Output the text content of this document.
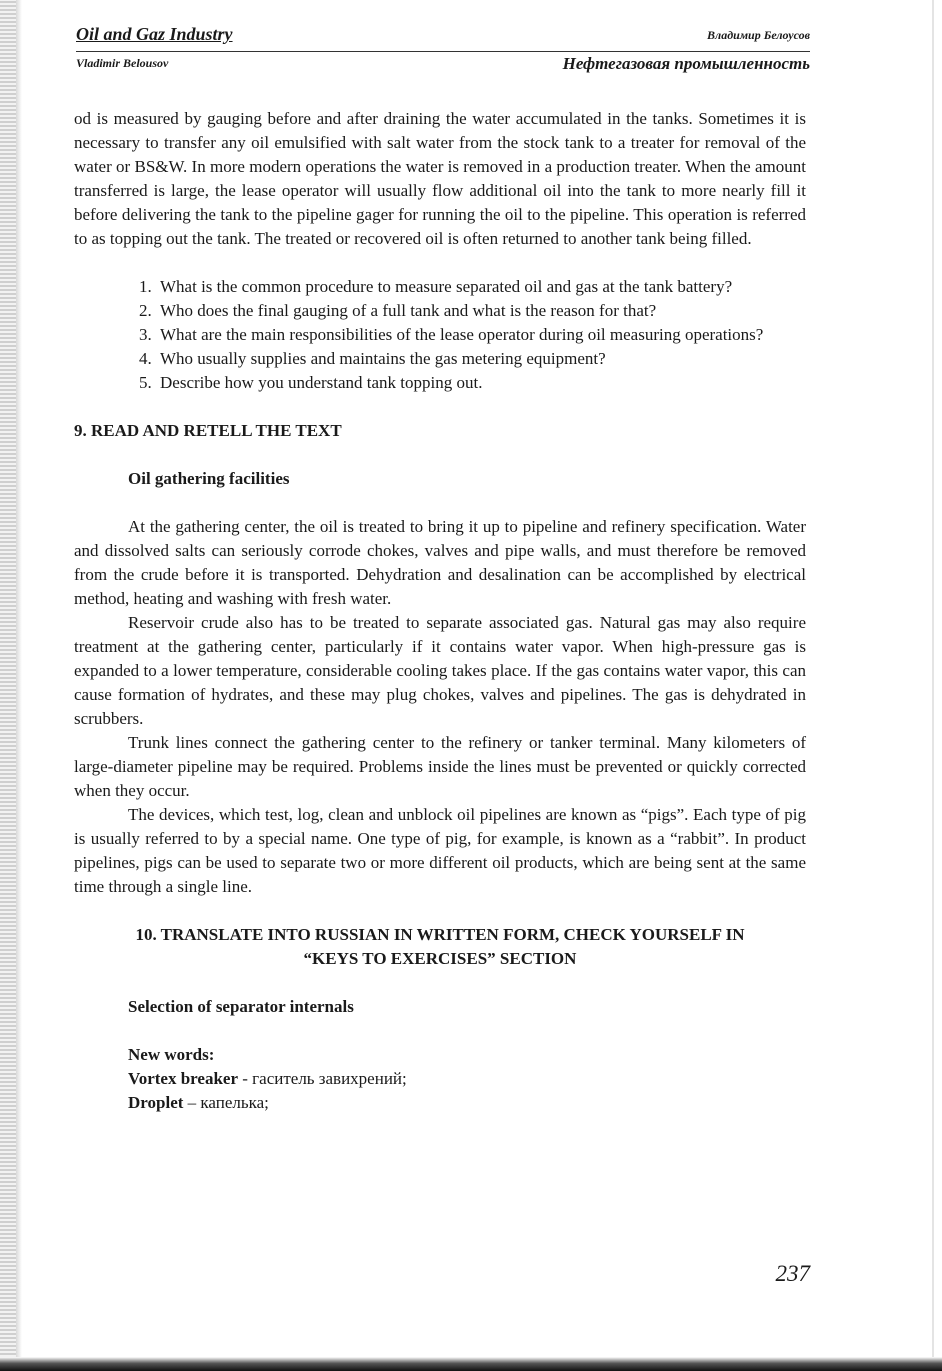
Oil and Gaz Industry	Владимир Белоусов
Vladimir Belousov	Нефтегазовая промышленность

od is measured by gauging before and after draining the water accumulated in the tanks. Sometimes it is necessary to transfer any oil emulsified with salt water from the stock tank to a treater for removal of the water or BS&W. In more modern operations the water is removed in a production treater. When the amount transferred is large, the lease operator will usually flow additional oil into the tank to more nearly fill it before delivering the tank to the pipeline gager for running the oil to the pipeline. This operation is referred to as topping out the tank. The treated or recovered oil is often returned to another tank being filled.

1. What is the common procedure to measure separated oil and gas at the tank battery?
2. Who does the final gauging of a full tank and what is the reason for that?
3. What are the main responsibilities of the lease operator during oil measuring operations?
4. Who usually supplies and maintains the gas metering equipment?
5. Describe how you understand tank topping out.
9. READ AND RETELL THE TEXT
Oil gathering facilities

At the gathering center, the oil is treated to bring it up to pipeline and refinery specification. Water and dissolved salts can seriously corrode chokes, valves and pipe walls, and must therefore be removed from the crude before it is transported. Dehydration and desalination can be accomplished by electrical method, heating and washing with fresh water.

Reservoir crude also has to be treated to separate associated gas. Natural gas may also require treatment at the gathering center, particularly if it contains water vapor. When high-pressure gas is expanded to a lower temperature, considerable cooling takes place. If the gas contains water vapor, this can cause formation of hydrates, and these may plug chokes, valves and pipelines. The gas is dehydrated in scrubbers.

Trunk lines connect the gathering center to the refinery or tanker terminal. Many kilometers of large-diameter pipeline may be required. Problems inside the lines must be prevented or quickly corrected when they occur.

The devices, which test, log, clean and unblock oil pipelines are known as “pigs”. Each type of pig is usually referred to by a special name. One type of pig, for example, is known as a “rabbit”. In product pipelines, pigs can be used to separate two or more different oil products, which are being sent at the same time through a single line.

10. TRANSLATE INTO RUSSIAN IN WRITTEN FORM, CHECK YOURSELF IN
“KEYS TO EXERCISES” SECTION
Selection of separator internals
New words:
Vortex breaker - гаситель завихрений;
Droplet – капелька;
237
